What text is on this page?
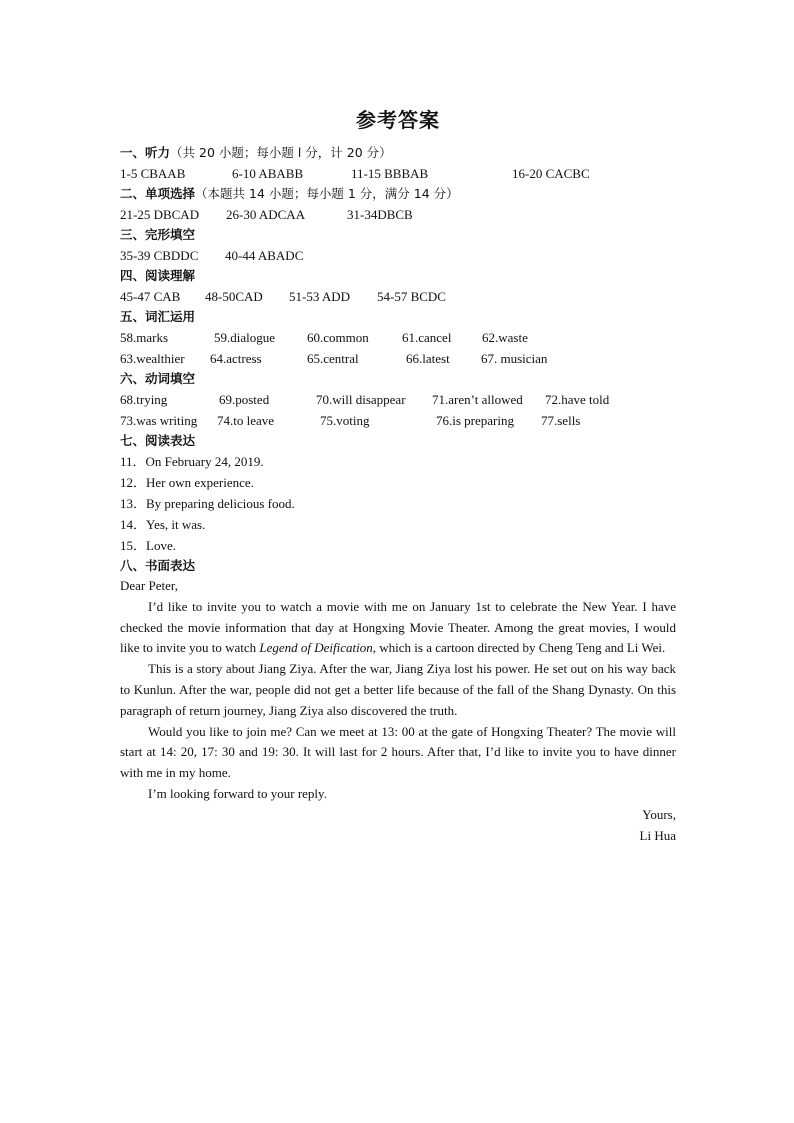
参考答案
一、听力（共 20 小题；每小题 l 分，计 20 分）
1-5 CBAAB	6-10 ABABB	11-15 BBBAB	16-20 CACBC
二、单项选择（本题共 14 小题；每小题 1 分，满分 14 分）
21-25 DBCAD 26-30 ADCAA	31-34DBCB
三、完形填空
35-39 CBDDC 40-44 ABADC
四、阅读理解
45-47 CAB 48-50CAD 51-53 ADD 54-57 BCDC
五、词汇运用
58.marks	59.dialogue 60.common	61.cancel 62.waste
63.wealthier 64.actress	65.central	66.latest 67. musician
六、动词填空
68.trying	69.posted	70.will disappear 71.aren’t allowed 72.have told
73.was writing 74.to leave	75.voting	76.is preparing 77.sells
七、阅读表达
11．On February 24, 2019.
12．Her own experience.
13．By preparing delicious food.
14．Yes, it was.
15．Love.
八、书面表达

Dear Peter,

I’d like to invite you to watch a movie with me on January 1st to celebrate the New Year. I have checked the movie information that day at Hongxing Movie Theater. Among the great movies, I would like to invite you to watch Legend of Deification, which is a cartoon directed by Cheng Teng and Li Wei.

This is a story about Jiang Ziya. After the war, Jiang Ziya lost his power. He set out on his way back to Kunlun. After the war, people did not get a better life because of the fall of the Shang Dynasty. On this paragraph of return journey, Jiang Ziya also discovered the truth.

Would you like to join me? Can we meet at 13: 00 at the gate of Hongxing Theater? The movie will start at 14: 20, 17: 30 and 19: 30. It will last for 2 hours. After that, I’d like to invite you to have dinner with me in my home.

I’m looking forward to your reply.

Yours,

Li Hua
